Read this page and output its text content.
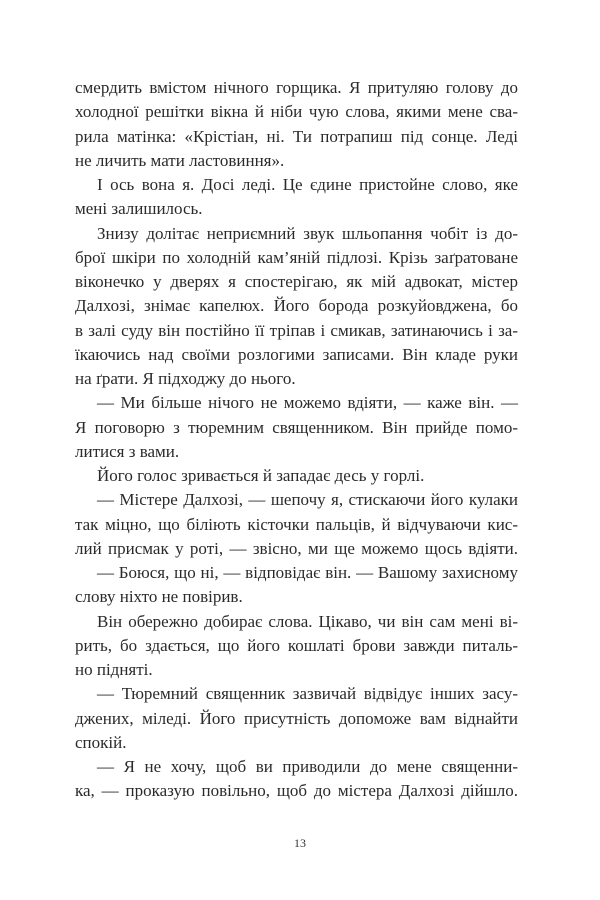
смердить вмістом нічного горщика. Я притуляю голову до
холодної решітки вікна й ніби чую слова, якими мене сва-
рила матінка: «Крістіан, ні. Ти потрапиш під сонце. Леді
не личить мати ластовиння».
І ось вона я. Досі леді. Це єдине пристойне слово, яке
мені залишилось.
Знизу долітає неприємний звук шльопання чобіт із до-
брої шкіри по холодній кам’яній підлозі. Крізь заґратоване
віконечко у дверях я спостерігаю, як мій адвокат, містер
Далхозі, знімає капелюх. Його борода розкуйовджена, бо
в залі суду він постійно її тріпав і смикав, затинаючись і за-
їкаючись над своїми розлогими записами. Він кладе руки
на ґрати. Я підходжу до нього.
— Ми більше нічого не можемо вдіяти, — каже він. —
Я поговорю з тюремним священником. Він прийде помо-
литися з вами.
Його голос зривається й западає десь у горлі.
— Містере Далхозі, — шепочу я, стискаючи його кулаки
так міцно, що біліють кісточки пальців, й відчуваючи кис-
лий присмак у роті, — звісно, ми ще можемо щось вдіяти.
— Боюся, що ні, — відповідає він. — Вашому захисному
слову ніхто не повірив.
Він обережно добирає слова. Цікаво, чи він сам мені ві-
рить, бо здається, що його кошлаті брови завжди питаль-
но підняті.
— Тюремний священник зазвичай відвідує інших засу-
джених, міледі. Його присутність допоможе вам віднайти
спокій.
— Я не хочу, щоб ви приводили до мене священни-
ка, — проказую повільно, щоб до містера Далхозі дійшло.
13
